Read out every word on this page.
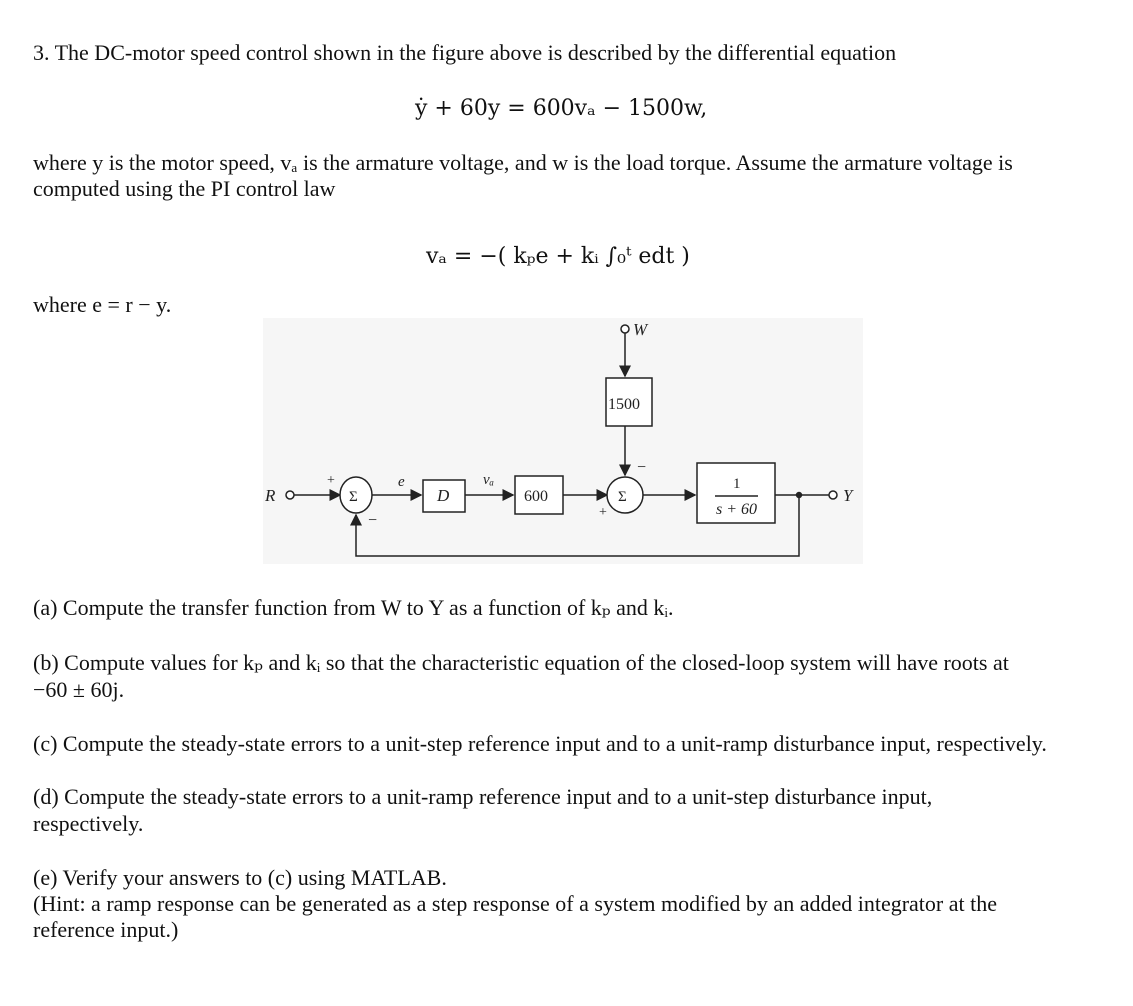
3. The DC-motor speed control shown in the figure above is described by the differential equation
ẏ + 60y = 600vₐ − 1500w,
where y is the motor speed, vₐ is the armature voltage, and w is the load torque. Assume the armature voltage is
computed using the PI control law
vₐ = −( kₚe + kᵢ ∫₀ᵗ edt )
where e = r − y.
R
+
−
Σ
e
D
vₐ
600	Σ
+
−
W
1500
1
s + 60
Y
(a) Compute the transfer function from W to Y as a function of kₚ and kᵢ.
(b) Compute values for kₚ and kᵢ so that the characteristic equation of the closed-loop system will have roots at
−60 ± 60j.
(c) Compute the steady-state errors to a unit-step reference input and to a unit-ramp disturbance input, respectively.
(d) Compute the steady-state errors to a unit-ramp reference input and to a unit-step disturbance input,
respectively.
(e) Verify your answers to (c) using MATLAB.
(Hint: a ramp response can be generated as a step response of a system modified by an added integrator at the
reference input.)
